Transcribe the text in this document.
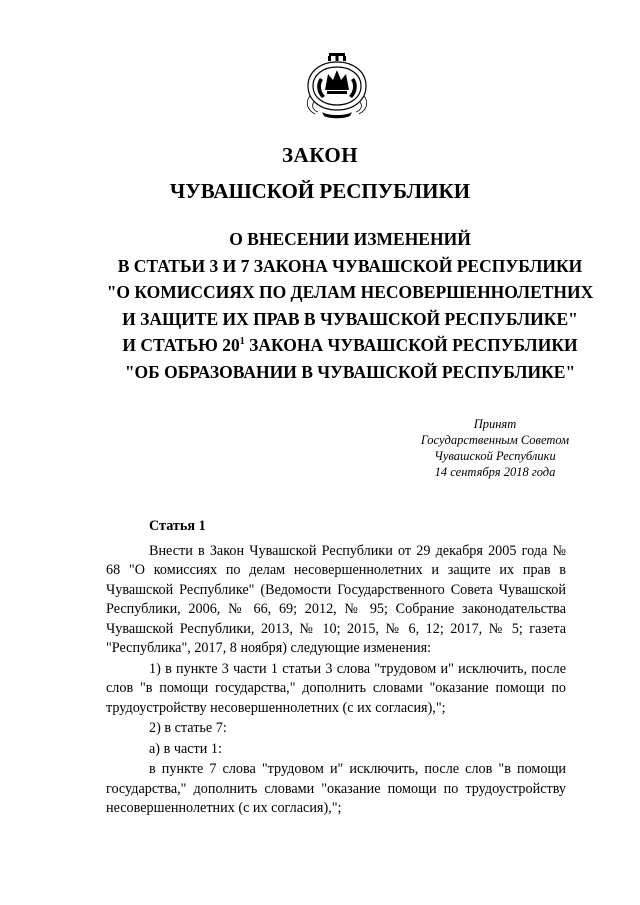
ЗАКОН
ЧУВАШСКОЙ РЕСПУБЛИКИ
О ВНЕСЕНИИ ИЗМЕНЕНИЙ
В СТАТЬИ 3 И 7 ЗАКОНА ЧУВАШСКОЙ РЕСПУБЛИКИ
"О КОМИССИЯХ ПО ДЕЛАМ НЕСОВЕРШЕННОЛЕТНИХ
И ЗАЩИТЕ ИХ ПРАВ В ЧУВАШСКОЙ РЕСПУБЛИКЕ"
И СТАТЬЮ $20^1$ ЗАКОНА ЧУВАШСКОЙ РЕСПУБЛИКИ
"ОБ ОБРАЗОВАНИИ В ЧУВАШСКОЙ РЕСПУБЛИКЕ"
Принят
Государственным Советом
Чувашской Республики
14 сентября 2018 года
Статья 1

Внести в Закон Чувашской Республики от 29 декабря 2005 года № 68 "О комиссиях по делам несовершеннолетних и защите их прав в Чувашской Республике" (Ведомости Государственного Совета Чувашской Республики, 2006, № 66, 69; 2012, № 95; Собрание законодательства Чувашской Республики, 2013, № 10; 2015, № 6, 12; 2017, № 5; газета "Республика", 2017, 8 ноября) следующие изменения:

1) в пункте 3 части 1 статьи 3 слова "трудовом и" исключить, после слов "в помощи государства," дополнить словами "оказание помощи по трудоустройству несовершеннолетних (с их согласия),";

2) в статье 7:

а) в части 1:

в пункте 7 слова "трудовом и" исключить, после слов "в помощи государства," дополнить словами "оказание помощи по трудоустройству несовершеннолетних (с их согласия),";
